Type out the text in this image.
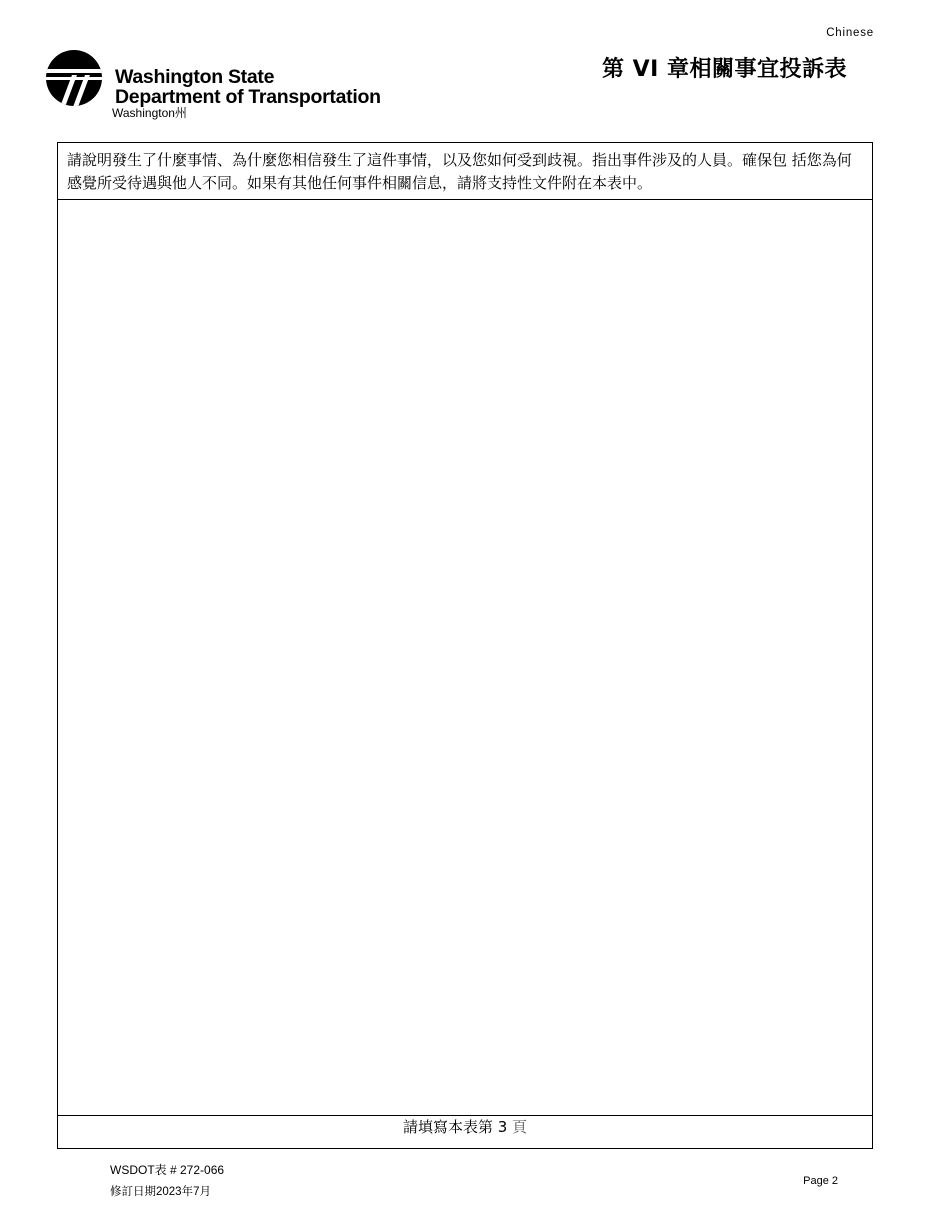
Chinese
Washington State
Department of Transportation
Washington州
第 VI 章相關事宜投訴表
請說明發生了什麼事情、為什麼您相信發生了這件事情，以及您如何受到歧視。指出事件涉及的人員。確保包 括您為何感覺所受待遇與他人不同。如果有其他任何事件相關信息，請將支持性文件附在本表中。
請填寫本表第 3 頁
WSDOT表 # 272-066
修訂日期2023年7月
Page 2
